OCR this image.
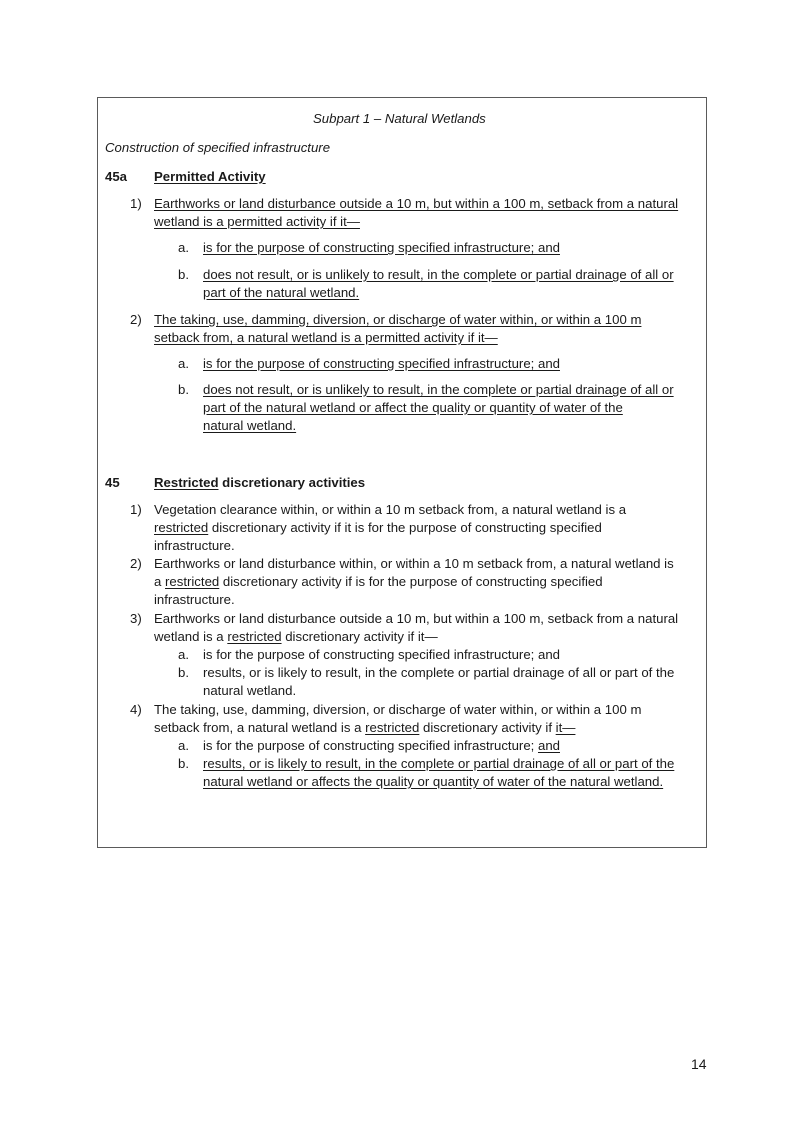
Subpart 1 – Natural Wetlands
Construction of specified infrastructure
45a Permitted Activity
1) Earthworks or land disturbance outside a 10 m, but within a 100 m, setback from a natural
wetland is a permitted activity if it—
a. is for the purpose of constructing specified infrastructure; and
b. does not result, or is unlikely to result, in the complete or partial drainage of all or
part of the natural wetland.
2) The taking, use, damming, diversion, or discharge of water within, or within a 100 m
setback from, a natural wetland is a permitted activity if it—
a. is for the purpose of constructing specified infrastructure; and
b. does not result, or is unlikely to result, in the complete or partial drainage of all or
part of the natural wetland or affect the quality or quantity of water of the
natural wetland.
45	Restricted discretionary activities
1) Vegetation clearance within, or within a 10 m setback from, a natural wetland is a
restricted discretionary activity if it is for the purpose of constructing specified
infrastructure.
2) Earthworks or land disturbance within, or within a 10 m setback from, a natural wetland is
a restricted discretionary activity if is for the purpose of constructing specified
infrastructure.
3) Earthworks or land disturbance outside a 10 m, but within a 100 m, setback from a natural
wetland is a restricted discretionary activity if it—
a. is for the purpose of constructing specified infrastructure; and
b. results, or is likely to result, in the complete or partial drainage of all or part of the
natural wetland.
4) The taking, use, damming, diversion, or discharge of water within, or within a 100 m
setback from, a natural wetland is a restricted discretionary activity if it—
a. is for the purpose of constructing specified infrastructure; and
b. results, or is likely to result, in the complete or partial drainage of all or part of the
natural wetland or affects the quality or quantity of water of the natural wetland.
14
